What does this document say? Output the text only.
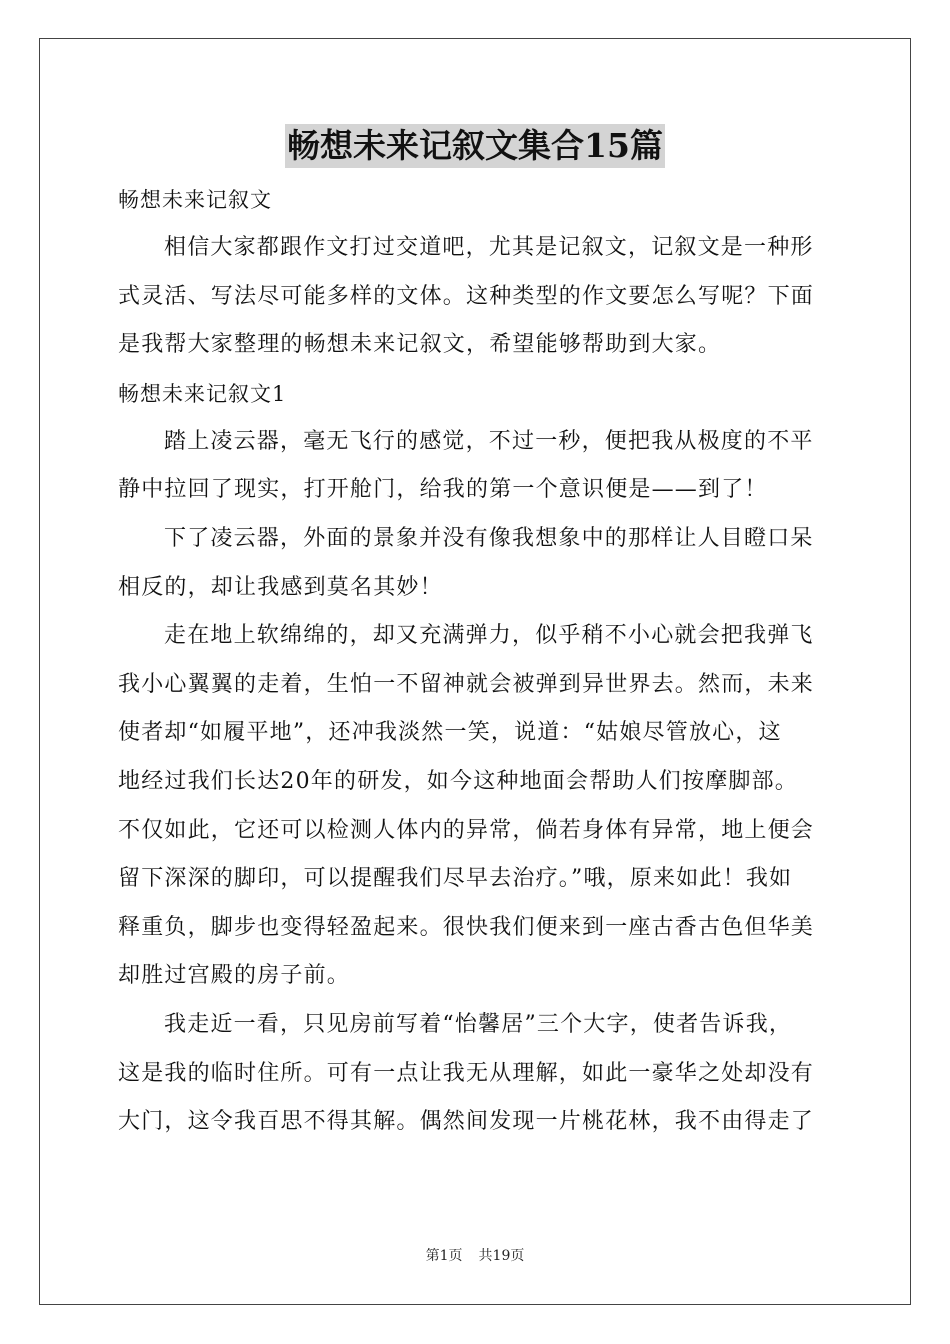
畅想未来记叙文集合15篇
畅想未来记叙文
相信大家都跟作文打过交道吧，尤其是记叙文，记叙文是一种形
式灵活、写法尽可能多样的文体。这种类型的作文要怎么写呢？下面
是我帮大家整理的畅想未来记叙文，希望能够帮助到大家。
畅想未来记叙文1
踏上凌云器，毫无飞行的感觉，不过一秒，便把我从极度的不平
静中拉回了现实，打开舱门，给我的第一个意识便是——到了！
下了凌云器，外面的景象并没有像我想象中的那样让人目瞪口呆
相反的，却让我感到莫名其妙！
走在地上软绵绵的，却又充满弹力，似乎稍不小心就会把我弹飞
我小心翼翼的走着，生怕一不留神就会被弹到异世界去。然而，未来
使者却“如履平地”，还冲我淡然一笑，说道：“姑娘尽管放心，这
地经过我们长达20年的研发，如今这种地面会帮助人们按摩脚部。
不仅如此，它还可以检测人体内的异常，倘若身体有异常，地上便会
留下深深的脚印，可以提醒我们尽早去治疗。”哦，原来如此！我如
释重负，脚步也变得轻盈起来。很快我们便来到一座古香古色但华美
却胜过宫殿的房子前。
我走近一看，只见房前写着“怡馨居”三个大字，使者告诉我，
这是我的临时住所。可有一点让我无从理解，如此一豪华之处却没有
大门，这令我百思不得其解。偶然间发现一片桃花林，我不由得走了
第1页 共19页
